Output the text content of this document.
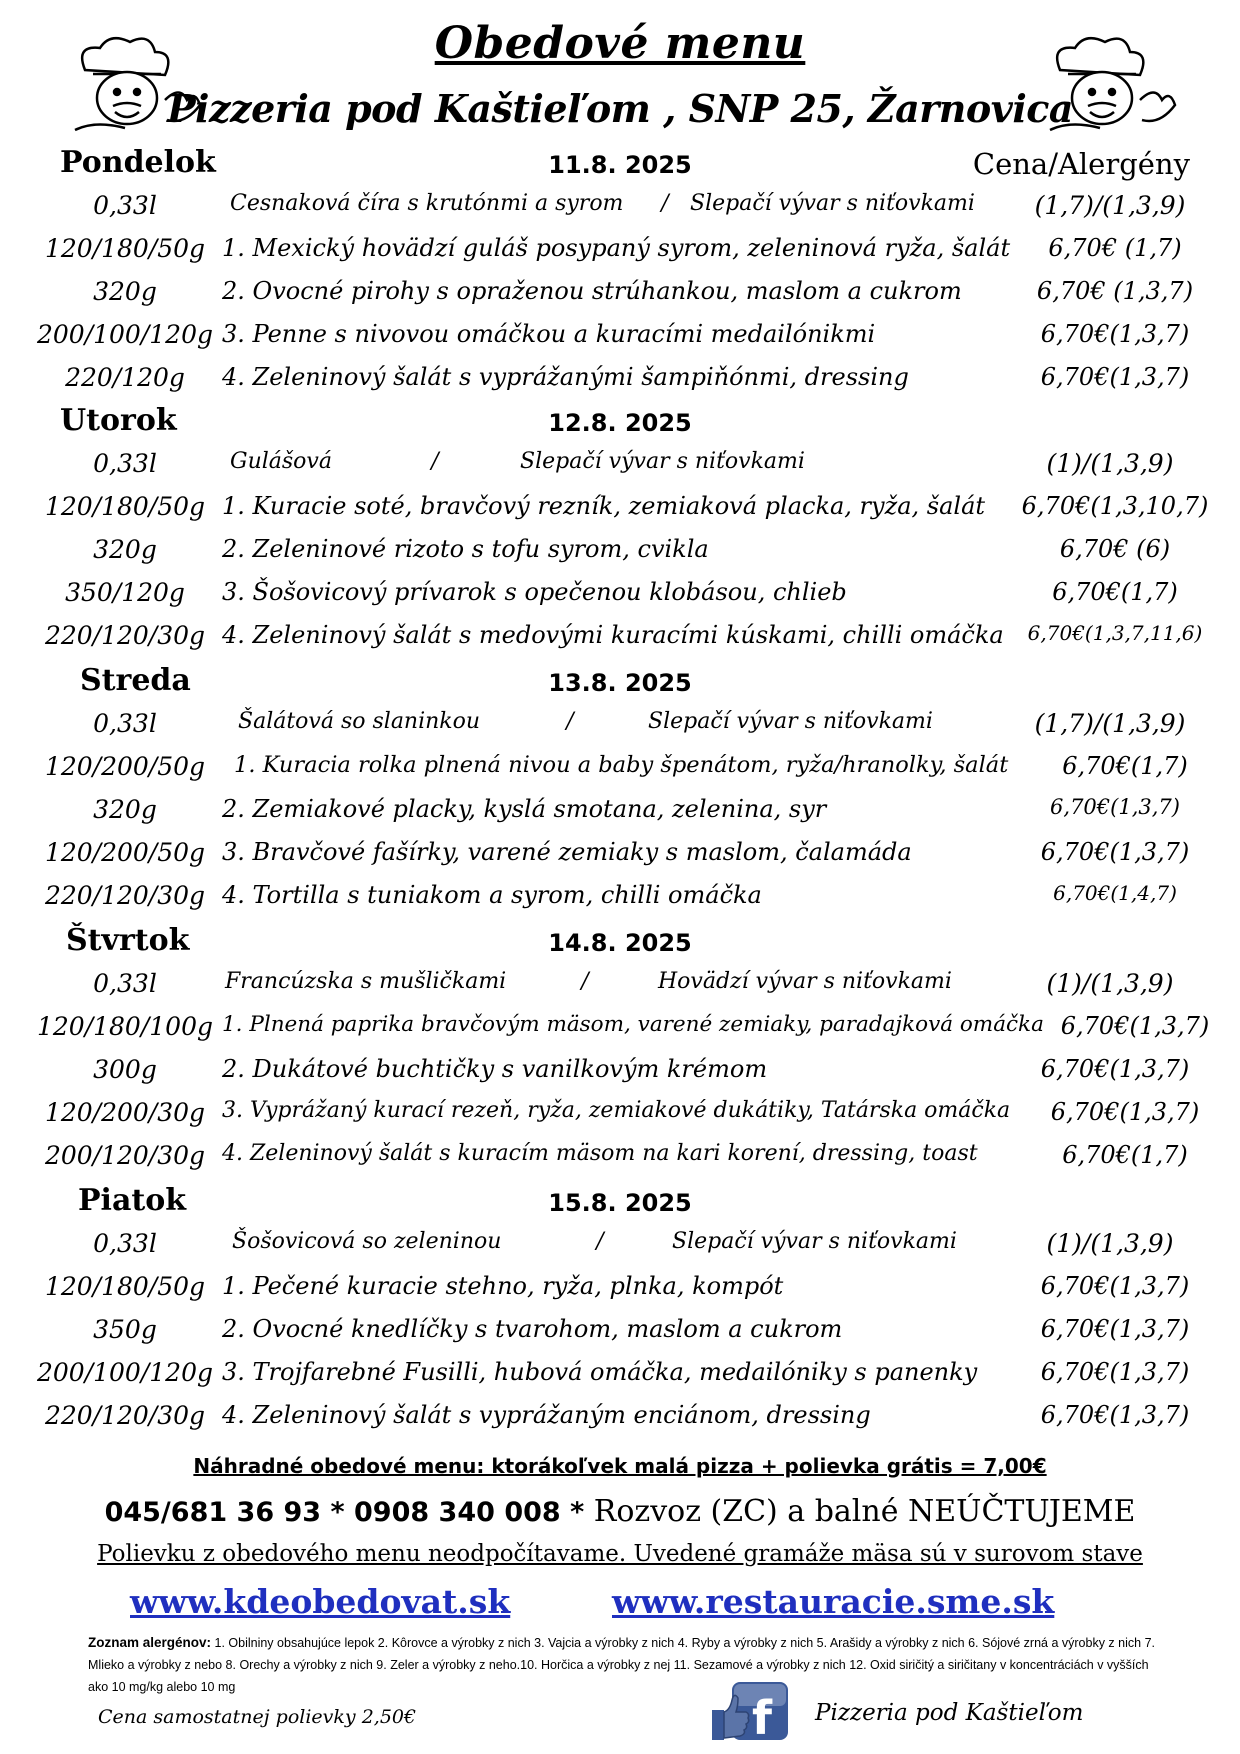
Obedové menu
Pizzeria pod Kaštieľom , SNP 25, Žarnovica
Pondelok	11.8. 2025	Cena/Alergény
0,33l	Cesnaková číra s krutónmi a syrom	/ Slepačí vývar s niťovkami	(1,7)/(1,3,9)
120/180/50g 1. Mexický hovädzí guláš posypaný syrom, zeleninová ryža, šalát	6,70€ (1,7)
320g	2. Ovocné pirohy s opraženou strúhankou, maslom a cukrom	6,70€ (1,3,7)
200/100/120g 3. Penne s nivovou omáčkou a kuracími medailónikmi	6,70€(1,3,7)
220/120g	4. Zeleninový šalát s vyprážanými šampiňónmi, dressing	6,70€(1,3,7)
Utorok	12.8. 2025
0,33l	Gulášová	/	Slepačí vývar s niťovkami	(1)/(1,3,9)
120/180/50g 1. Kuracie soté, bravčový rezník, zemiaková placka, ryža, šalát	6,70€(1,3,10,7)
320g	2. Zeleninové rizoto s tofu syrom, cvikla	6,70€ (6)
350/120g	3. Šošovicový prívarok s opečenou klobásou, chlieb	6,70€(1,7)
220/120/30g 4. Zeleninový šalát s medovými kuracími kúskami, chilli omáčka	6,70€(1,3,7,11,6)
Streda	13.8. 2025
0,33l	Šalátová so slaninkou	/	Slepačí vývar s niťovkami	(1,7)/(1,3,9)
120/200/50g	1. Kuracia rolka plnená nivou a baby špenátom, ryža/hranolky, šalát	6,70€(1,7)
320g	2. Zemiakové placky, kyslá smotana, zelenina, syr	6,70€(1,3,7)
120/200/50g 3. Bravčové fašírky, varené zemiaky s maslom, čalamáda	6,70€(1,3,7)
220/120/30g 4. Tortilla s tuniakom a syrom, chilli omáčka	6,70€(1,4,7)
Štvrtok	14.8. 2025
0,33l	Francúzska s mušličkami	/	Hovädzí vývar s niťovkami	(1)/(1,3,9)
120/180/100g 1. Plnená paprika bravčovým mäsom, varené zemiaky, paradajková omáčka 6,70€(1,3,7)
300g	2. Dukátové buchtičky s vanilkovým krémom	6,70€(1,3,7)
120/200/30g 3. Vyprážaný kurací rezeň, ryža, zemiakové dukátiky, Tatárska omáčka	6,70€(1,3,7)
200/120/30g 4. Zeleninový šalát s kuracím mäsom na kari korení, dressing, toast	6,70€(1,7)
Piatok	15.8. 2025
0,33l	Šošovicová so zeleninou	/	Slepačí vývar s niťovkami	(1)/(1,3,9)
120/180/50g 1. Pečené kuracie stehno, ryža, plnka, kompót	6,70€(1,3,7)
350g	2. Ovocné knedlíčky s tvarohom, maslom a cukrom	6,70€(1,3,7)
200/100/120g 3. Trojfarebné Fusilli, hubová omáčka, medailóniky s panenky	6,70€(1,3,7)
220/120/30g 4. Zeleninový šalát s vyprážaným enciánom, dressing	6,70€(1,3,7)
Náhradné obedové menu: ktorákoľvek malá pizza + polievka grátis = 7,00€
045/681 36 93 * 0908 340 008 * Rozvoz (ZC) a balné NEÚČTUJEME
Polievku z obedového menu neodpočítavame. Uvedené gramáže mäsa sú v surovom stave
www.kdeobedovat.sk	www.restauracie.sme.sk
Zoznam alergénov: 1. Obilniny obsahujúce lepok 2. Kôrovce a výrobky z nich 3. Vajcia a výrobky z nich 4. Ryby a výrobky z nich 5. Arašidy a výrobky z nich 6. Sójové zrná a výrobky z nich 7. Mlieko a výrobky z nebo 8. Orechy a výrobky z nich 9. Zeler a výrobky z neho.10. Horčica a výrobky z nej 11. Sezamové a výrobky z nich 12. Oxid siričitý a siričitany v koncentráciách v vyšších ako 10 mg/kg alebo 10 mg
Cena samostatnej polievky 2,50€	f Pizzeria pod Kaštieľom
